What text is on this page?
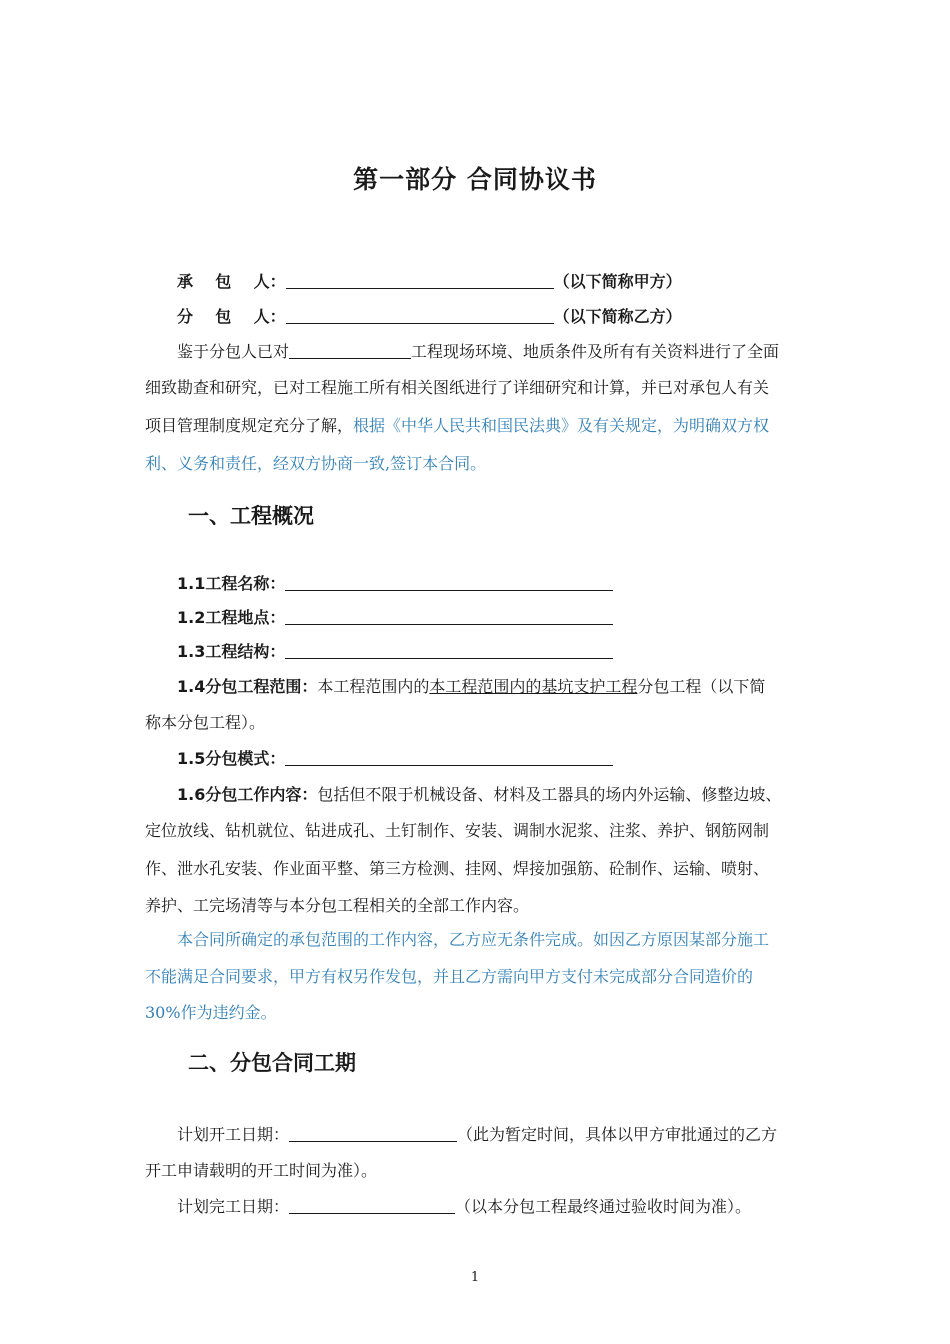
第一部分 合同协议书
承    包    人：	（以下简称甲方）
分    包    人：	（以下简称乙方）
鉴于分包人已对	工程现场环境、地质条件及所有有关资料进行了全面
细致勘查和研究，已对工程施工所有相关图纸进行了详细研究和计算，并已对承包人有关
项目管理制度规定充分了解，根据《中华人民共和国民法典》及有关规定，为明确双方权
利、义务和责任，经双方协商一致,签订本合同。
一、工程概况
1.1工程名称：
1.2工程地点：
1.3工程结构：
1.4分包工程范围：本工程范围内的本工程范围内的基坑支护工程分包工程（以下简
称本分包工程）。
1.5分包模式：
1.6分包工作内容：包括但不限于机械设备、材料及工器具的场内外运输、修整边坡、
定位放线、钻机就位、钻进成孔、土钉制作、安装、调制水泥浆、注浆、养护、钢筋网制
作、泄水孔安装、作业面平整、第三方检测、挂网、焊接加强筋、砼制作、运输、喷射、
养护、工完场清等与本分包工程相关的全部工作内容。
本合同所确定的承包范围的工作内容，乙方应无条件完成。如因乙方原因某部分施工
不能满足合同要求，甲方有权另作发包，并且乙方需向甲方支付未完成部分合同造价的
30%作为违约金。
二、分包合同工期
计划开工日期：	（此为暂定时间，具体以甲方审批通过的乙方
开工申请载明的开工时间为准）。
计划完工日期：	（以本分包工程最终通过验收时间为准）。
1
